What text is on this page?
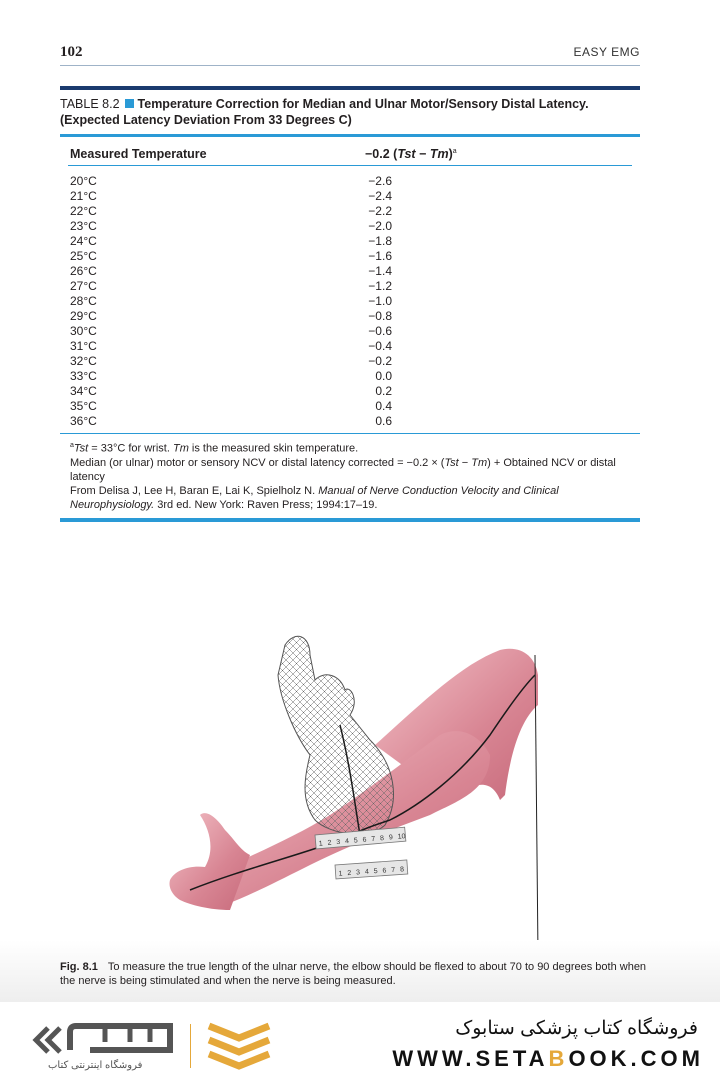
102	EASY EMG
TABLE 8.2 Temperature Correction for Median and Ulnar Motor/Sensory Distal Latency.
(Expected Latency Deviation From 33 Degrees C)
Measured Temperature	−0.2 (Tst − Tm)$^a$
20°C	−2.6
21°C	−2.4
22°C	−2.2
23°C	−2.0
24°C	−1.8
25°C	−1.6
26°C	−1.4
27°C	−1.2
28°C	−1.0
29°C	−0.8
30°C	−0.6
31°C	−0.4
32°C	−0.2
33°C	0.0
34°C	0.2
35°C	0.4
36°C	0.6

$^a$Tst = 33°C for wrist. Tm is the measured skin temperature.

Median (or ulnar) motor or sensory NCV or distal latency corrected = −0.2 × (Tst − Tm) + Obtained NCV or distal latency

From Delisa J, Lee H, Baran E, Lai K, Spielholz N. Manual of Nerve Conduction Velocity and Clinical Neurophysiology. 3rd ed. New York: Raven Press; 1994:17–19.

1 2 3 4 5 6 7 8 9 10
1 2 3 4 5 6 7 8
Fig. 8.1 To measure the true length of the ulnar nerve, the elbow should be flexed to about 70 to 90 degrees both when the nerve is being stimulated and when the nerve is being measured.
فروشگاه اینترنتی کتاب
فروشگاه کتاب پزشکی ستابوک
WWW.SETABOOK.COM
